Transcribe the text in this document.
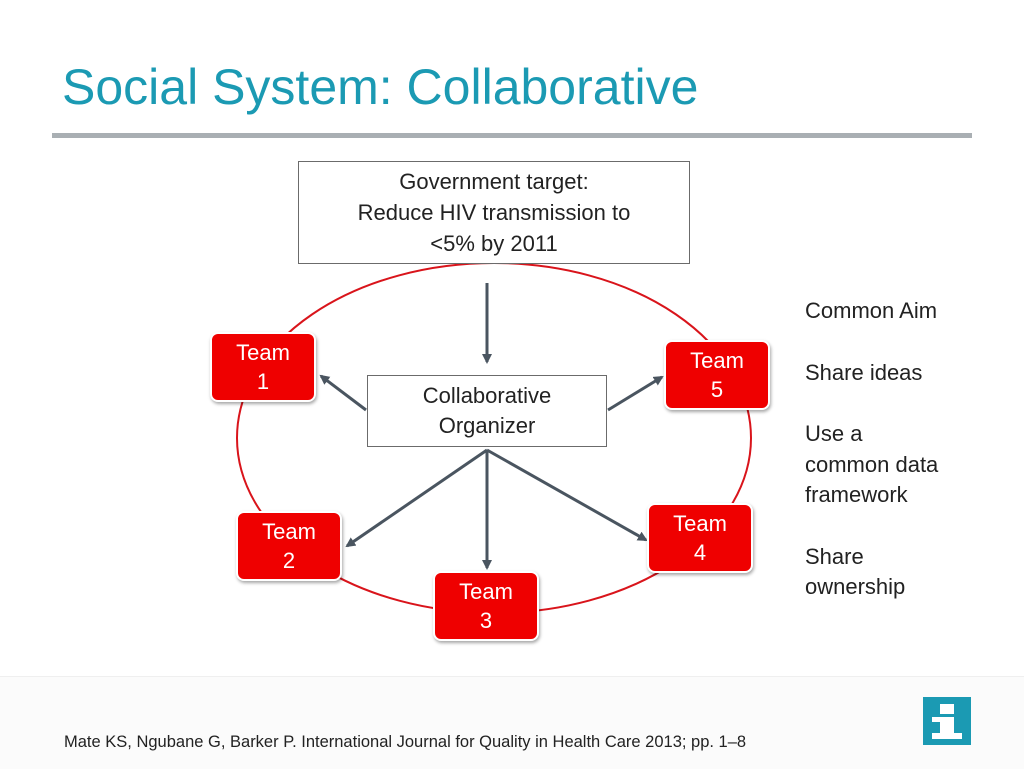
Social System: Collaborative
Government target:
Reduce HIV transmission to
<5% by 2011
Collaborative
Organizer
Team
1
Team
5
Team
2
Team
3
Team
4
Common Aim
Share ideas
Use a
common data
framework
Share
ownership
Mate KS, Ngubane G, Barker P. International Journal for Quality in Health Care 2013; pp. 1–8
